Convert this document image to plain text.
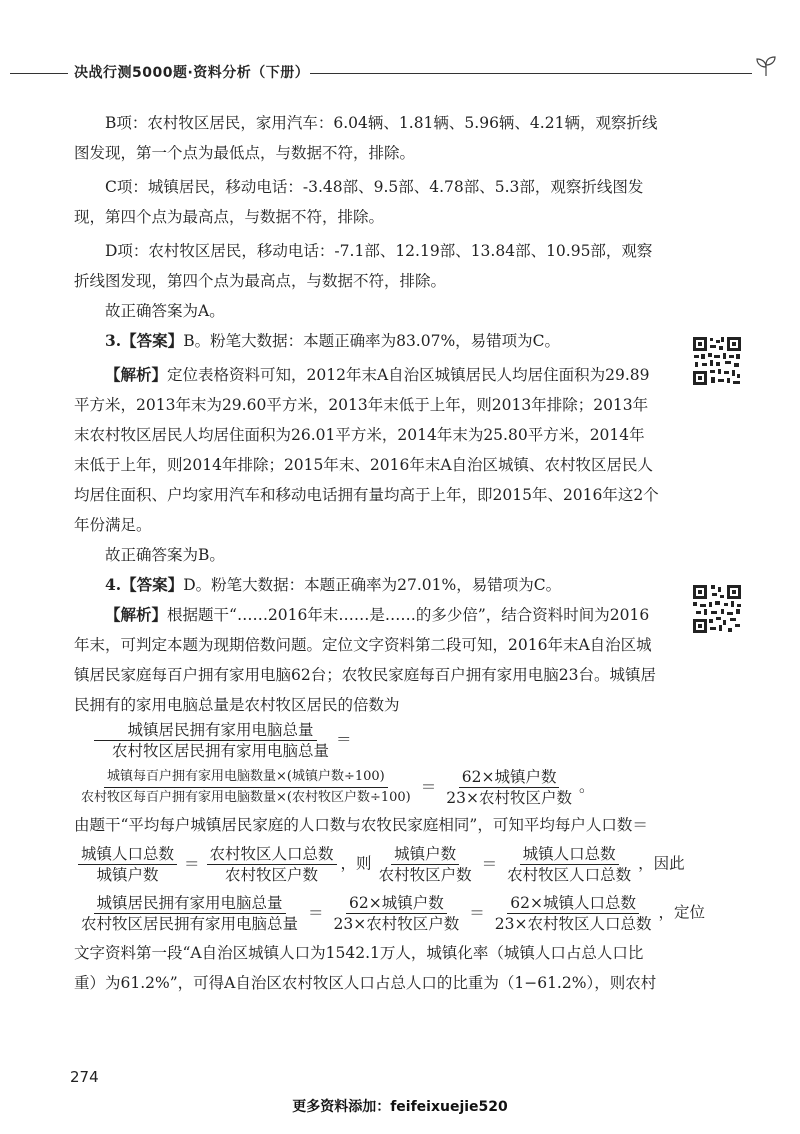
决战行测5000题·资料分析（下册）

B项：农村牧区居民，家用汽车：6.04辆、1.81辆、5.96辆、4.21辆，观察折线图发现，第一个点为最低点，与数据不符，排除。

C项：城镇居民，移动电话：-3.48部、9.5部、4.78部、5.3部，观察折线图发现，第四个点为最高点，与数据不符，排除。

D项：农村牧区居民，移动电话：-7.1部、12.19部、13.84部、10.95部，观察折线图发现，第四个点为最高点，与数据不符，排除。

故正确答案为A。

3.【答案】B。粉笔大数据：本题正确率为83.07%，易错项为C。

【解析】定位表格资料可知，2012年末A自治区城镇居民人均居住面积为29.89平方米，2013年末为29.60平方米，2013年末低于上年，则2013年排除；2013年末农村牧区居民人均居住面积为26.01平方米，2014年末为25.80平方米，2014年末低于上年，则2014年排除；2015年末、2016年末A自治区城镇、农村牧区居民人均居住面积、户均家用汽车和移动电话拥有量均高于上年，即2015年、2016年这2个年份满足。

故正确答案为B。

4.【答案】D。粉笔大数据：本题正确率为27.01%，易错项为C。

【解析】根据题干“……2016年末……是……的多少倍”，结合资料时间为2016年末，可判定本题为现期倍数问题。定位文字资料第二段可知，2016年末A自治区城镇居民家庭每百户拥有家用电脑62台；农牧民家庭每百户拥有家用电脑23台。城镇居民拥有的家用电脑总量是农村牧区居民的倍数为
$\frac{\text{城镇居民拥有家用电脑总量}}{\text{农村牧区居民拥有家用电脑总量}}$ ＝

$\frac{\text{城镇每百户拥有家用电脑数量×(城镇户数÷100)}}{\text{农村牧区每百户拥有家用电脑数量×(农村牧区户数÷100)}} = \frac{\text{62×城镇户数}}{\text{23×农村牧区户数}}$ 。

由题干“平均每户城镇居民家庭的人口数与农牧民家庭相同”，可知平均每户人口数＝

$\frac{\text{城镇人口总数}}{\text{城镇户数}} = \frac{\text{农村牧区人口总数}}{\text{农村牧区户数}}$ ，则 $\frac{\text{城镇户数}}{\text{农村牧区户数}} = \frac{\text{城镇人口总数}}{\text{农村牧区人口总数}}$ ，因此

$\frac{\text{城镇居民拥有家用电脑总量}}{\text{农村牧区居民拥有家用电脑总量}} = \frac{\text{62×城镇户数}}{\text{23×农村牧区户数}} = \frac{\text{62×城镇人口总数}}{\text{23×农村牧区人口总数}}$ ，定位

文字资料第一段“A自治区城镇人口为1542.1万人，城镇化率（城镇人口占总人口比重）为61.2%”，可得A自治区农村牧区人口占总人口的比重为（1−61.2%），则农村

274
更多资料添加：feifeixuejie520
